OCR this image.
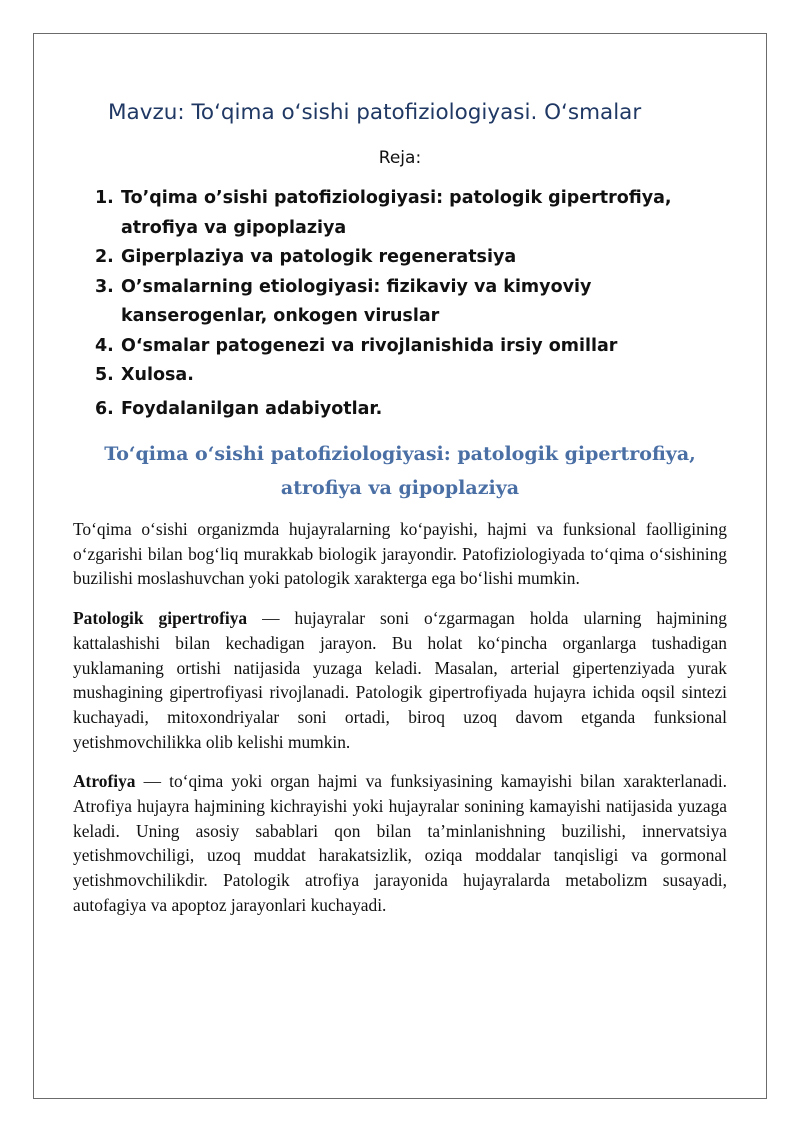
Mavzu: To‘qima o‘sishi patofiziologiyasi. O‘smalar
Reja:
1. To’qima o’sishi patofiziologiyasi: patologik gipertrofiya, atrofiya va gipoplaziya
2. Giperplaziya va patologik regeneratsiya
3. O’smalarning etiologiyasi: fizikaviy va kimyoviy kanserogenlar, onkogen viruslar
4. O‘smalar patogenezi va rivojlanishida irsiy omillar
5. Xulosa.
6. Foydalanilgan adabiyotlar.
To‘qima o‘sishi patofiziologiyasi: patologik gipertrofiya, atrofiya va gipoplaziya

To‘qima o‘sishi organizmda hujayralarning ko‘payishi, hajmi va funksional faolligining o‘zgarishi bilan bog‘liq murakkab biologik jarayondir. Patofiziologiyada to‘qima o‘sishining buzilishi moslashuvchan yoki patologik xarakterga ega bo‘lishi mumkin.

Patologik gipertrofiya — hujayralar soni o‘zgarmagan holda ularning hajmining kattalashishi bilan kechadigan jarayon. Bu holat ko‘pincha organlarga tushadigan yuklamaning ortishi natijasida yuzaga keladi. Masalan, arterial gipertenziyada yurak mushagining gipertrofiyasi rivojlanadi. Patologik gipertrofiyada hujayra ichida oqsil sintezi kuchayadi, mitoxondriyalar soni ortadi, biroq uzoq davom etganda funksional yetishmovchilikka olib kelishi mumkin.

Atrofiya — to‘qima yoki organ hajmi va funksiyasining kamayishi bilan xarakterlanadi. Atrofiya hujayra hajmining kichrayishi yoki hujayralar sonining kamayishi natijasida yuzaga keladi. Uning asosiy sabablari qon bilan ta’minlanishning buzilishi, innervatsiya yetishmovchiligi, uzoq muddat harakatsizlik, oziqa moddalar tanqisligi va gormonal yetishmovchilikdir. Patologik atrofiya jarayonida hujayralarda metabolizm susayadi, autofagiya va apoptoz jarayonlari kuchayadi.
